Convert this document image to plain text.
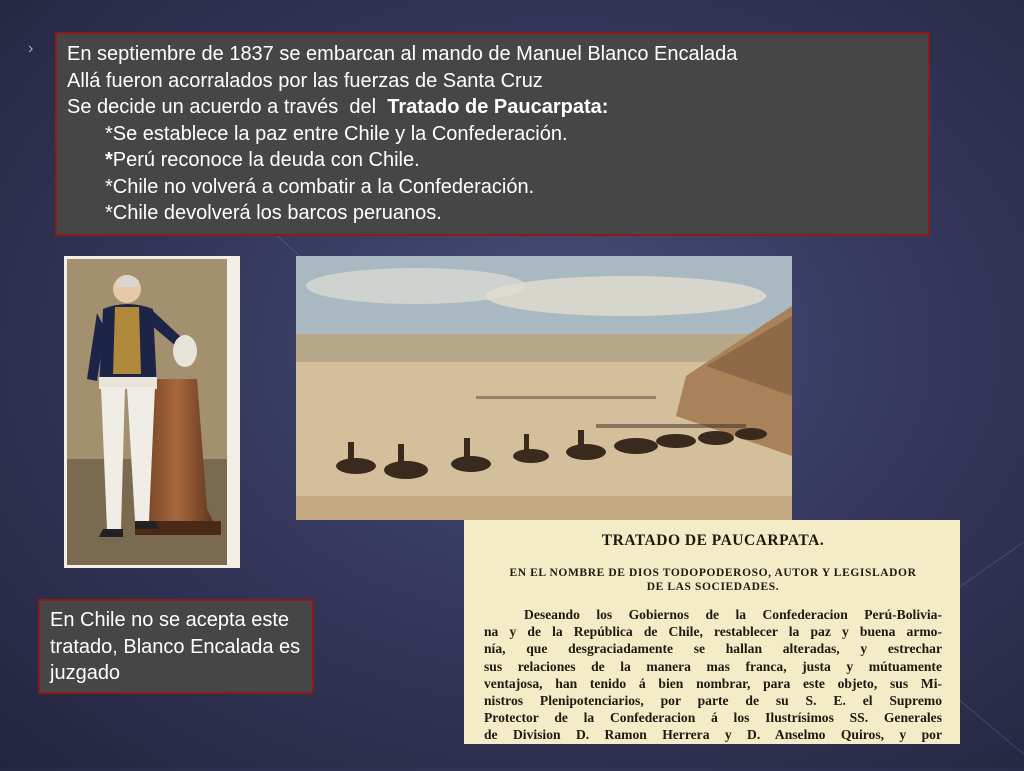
› En septiembre de 1837 se embarcan al mando de Manuel Blanco Encalada
Allá fueron acorralados por las fuerzas de Santa Cruz
Se decide un acuerdo a través  del  Tratado de Paucarpata:
*Se establece la paz entre Chile y la Confederación.
*Perú reconoce la deuda con Chile.
*Chile no volverá a combatir a la Confederación.
*Chile devolverá los barcos peruanos.
TRATADO DE PAUCARPATA.
EN EL NOMBRE DE DIOS TODOPODEROSO, AUTOR Y LEGISLADOR
DE LAS SOCIEDADES.
Deseando los Gobiernos de la Confederacion Perú-Bolivia-
na y de la República de Chile, restablecer la paz y buena armo-
nía, que desgraciadamente se hallan alteradas, y estrechar
sus relaciones de la manera mas franca, justa y mútuamente
ventajosa, han tenido á bien nombrar, para este objeto, sus Mi-
nistros Plenipotenciarios, por parte de su S. E. el Supremo
Protector de la Confederacion á los Ilustrísimos SS. Generales
de Division D. Ramon Herrera y D. Anselmo Quiros, y por
En Chile no se acepta este tratado, Blanco Encalada es juzgado
